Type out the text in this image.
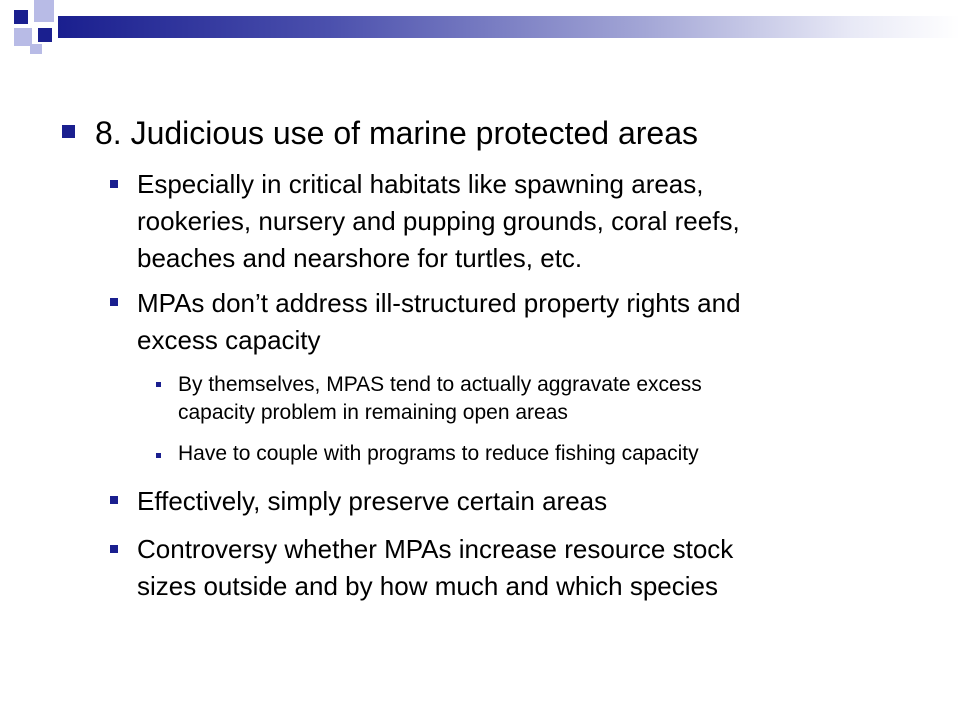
8. Judicious use of marine protected areas
Especially in critical habitats like spawning areas,
rookeries, nursery and pupping grounds, coral reefs,
beaches and nearshore for turtles, etc.
MPAs don’t address ill-structured property rights and
excess capacity
By themselves, MPAS tend to actually aggravate excess
capacity problem in remaining open areas
Have to couple with programs to reduce fishing capacity
Effectively, simply preserve certain areas
Controversy whether MPAs increase resource stock
sizes outside and by how much and which species
